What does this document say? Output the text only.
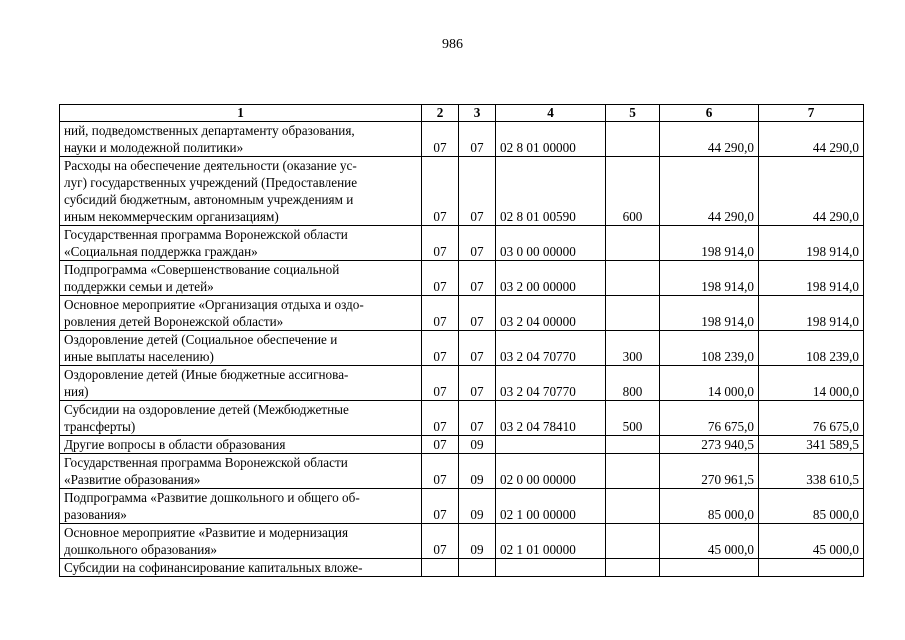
986
1	2	3	4	5	6	7
ний, подведомственных департаменту образования,
науки и молодежной политики»	07	07	02 8 01 00000		44 290,0	44 290,0
Расходы на обеспечение деятельности (оказание ус-
луг) государственных учреждений (Предоставление
субсидий бюджетным, автономным учреждениям и
иным некоммерческим организациям)	07	07	02 8 01 00590	600	44 290,0	44 290,0
Государственная программа Воронежской области
«Социальная поддержка граждан»	07	07	03 0 00 00000		198 914,0	198 914,0
Подпрограмма «Совершенствование социальной
поддержки семьи и детей»	07	07	03 2 00 00000		198 914,0	198 914,0
Основное мероприятие «Организация отдыха и оздо-
ровления детей Воронежской области»	07	07	03 2 04 00000		198 914,0	198 914,0
Оздоровление детей (Социальное обеспечение и
иные выплаты населению)	07	07	03 2 04 70770	300	108 239,0	108 239,0
Оздоровление детей (Иные бюджетные ассигнова-
ния)	07	07	03 2 04 70770	800	14 000,0	14 000,0
Субсидии на оздоровление детей (Межбюджетные
трансферты)	07	07	03 2 04 78410	500	76 675,0	76 675,0
Другие вопросы в области образования	07	09			273 940,5	341 589,5
Государственная программа Воронежской области
«Развитие образования»	07	09	02 0 00 00000		270 961,5	338 610,5
Подпрограмма «Развитие дошкольного и общего об-
разования»	07	09	02 1 00 00000		85 000,0	85 000,0
Основное мероприятие «Развитие и модернизация
дошкольного образования»	07	09	02 1 01 00000		45 000,0	45 000,0
Субсидии на софинансирование капитальных вложе-						
